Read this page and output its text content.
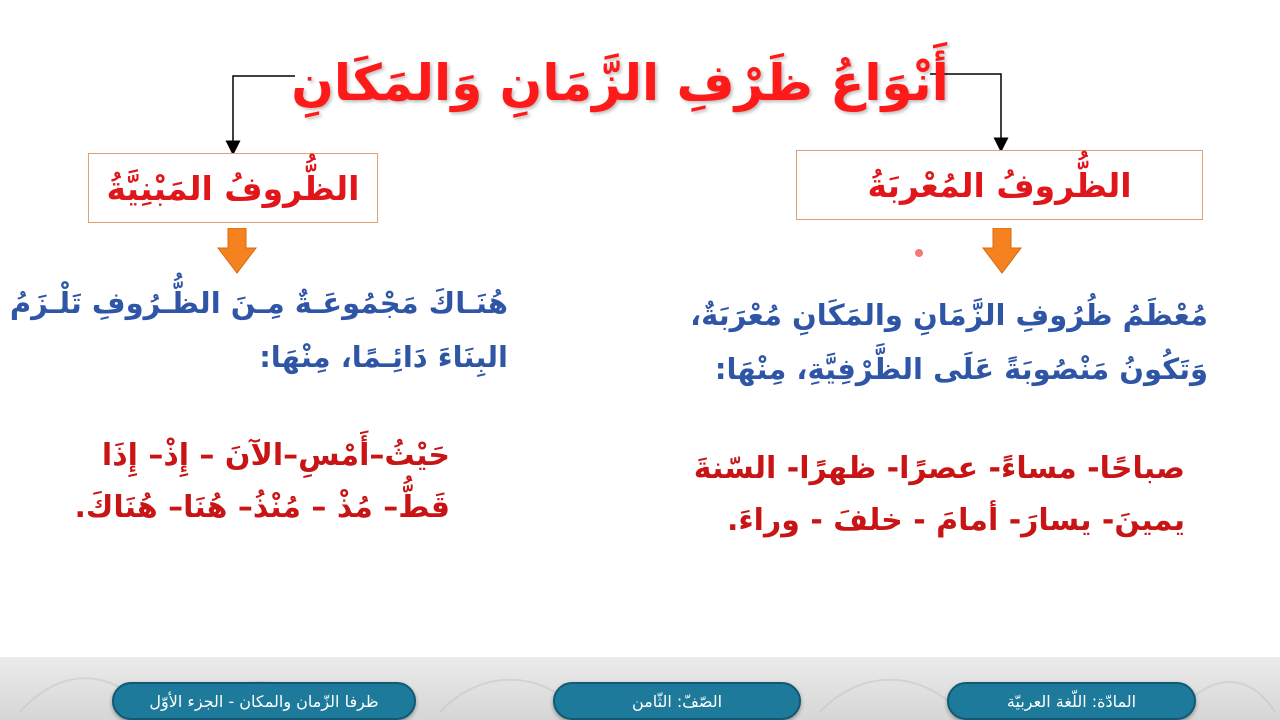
أَنْوَاعُ ظَرْفِ الزَّمَانِ وَالمَكَانِ
الظُّروفُ المُعْربَةُ
الظُّروفُ المَبْنِيَّةُ
مُعْظَمُ ظُرُوفِ الزَّمَانِ والمَكَانِ مُعْرَبَةٌ،
وَتَكُونُ مَنْصُوبَةً عَلَى الظَّرْفِيَّةِ، مِنْهَا:
هُنَـاكَ مَجْمُوعَـةٌ مِـنَ الظُّـرُوفِ تَلْـزَمُ
البِنَاءَ دَائِـمًا، مِنْهَا:
صباحًا- مساءً- عصرًا- ظهرًا- السّنةَ
يمينَ- يسارَ- أمامَ - خلفَ - وراءَ.
حَيْثُ–أَمْسِ–الآنَ – إِذْ– إِذَا
قَطُّ– مُذْ – مُنْذُ– هُنَا– هُنَاكَ.
ظرفا الزّمان والمكان - الجزء الأوّل	الصّفّ: الثّامن	المادّة: اللّغة العربيّة
